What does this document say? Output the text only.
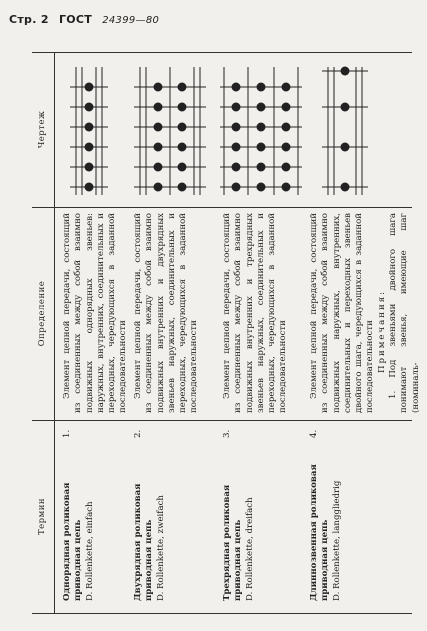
Стр. 2 ГОСТ 24399—80
Термин
Определение
Чертеж
1.
Однорядная роликовая приводная цепь D. Rollenkette, einfach

Элемент цепной передачи, состоящий из соединенных между собой взаимно подвижных однорядных звеньев: наружных, внутренних, соединительных и переходных, чередующихся в заданной последовательности

2.
Двухрядная роликовая приводная цепь D. Rollenkette, zweifach

Элемент цепной передачи, состоящий из соединенных между собой взаимно подвижных внутренних и двухрядных звеньев наружных, соединительных и переходных, чередующихся в заданной последовательности

3.
Трехрядная роликовая приводная цепь D. Rollenkette, dreifach

Элемент цепной передачи, состоящий из соединенных между собой взаимно подвижных внутренних и трехрядных звеньев наружных, соединительных и переходных, чередующихся в заданной последовательности

4.
Длиннозвенная роликовая приводная цепь D. Rollenkette, langgliedrig

Элемент цепной передачи, состоящий из соединенных между собой взаимно подвижных наружных, внутренних, соединительных и переходных звеньев двойного шага, чередующихся в заданной последовательности Примечания: 1. Под звеньями двойного шага понимают звенья, имеющие шаг (номиналь-
